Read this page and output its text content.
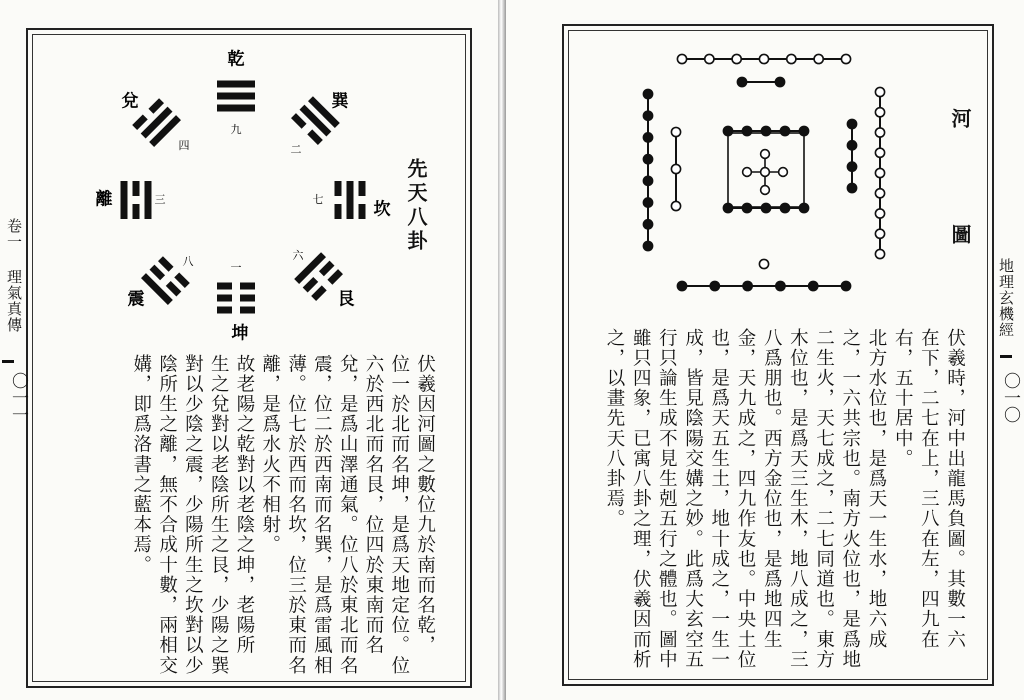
卷一 理氣真傳
〇一一
先天八卦
乾
九
坤
一
離	三	坎
七
兌
四
巽
二
震
八
艮
六
伏羲因河圖之數位九於南而名乾，
位一於北而名坤，是爲天地定位。位
六於西北而名艮，位四於東南而名
兌，是爲山澤通氣。位八於東北而名
震，位二於西南而名巽，是爲雷風相
薄。位七於西而名坎，位三於東而名
離，是爲水火不相射。
故老陽之乾對以老陰之坤，老陽所
生之兌對以老陰所生之艮，少陽之巽
對以少陰之震，少陽所生之坎對以少
陰所生之離，無不合成十數，兩相交
媾，即爲洛書之藍本焉。
地理玄機經
〇一〇
河圖
伏羲時，河中出龍馬負圖。其數一六
在下，二七在上，三八在左，四九在
右，五十居中。
北方水位也，是爲天一生水，地六成
之，一六共宗也。南方火位也，是爲地
二生火，天七成之，二七同道也。東方
木位也，是爲天三生木，地八成之，三
八爲朋也。西方金位也，是爲地四生
金，天九成之，四九作友也。中央土位
也，是爲天五生土，地十成之，一生一
成，皆見陰陽交媾之妙。此爲大玄空五
行只論生成不見生剋五行之體也。圖中
雖只四象，已寓八卦之理，伏羲因而析
之，以畫先天八卦焉。
